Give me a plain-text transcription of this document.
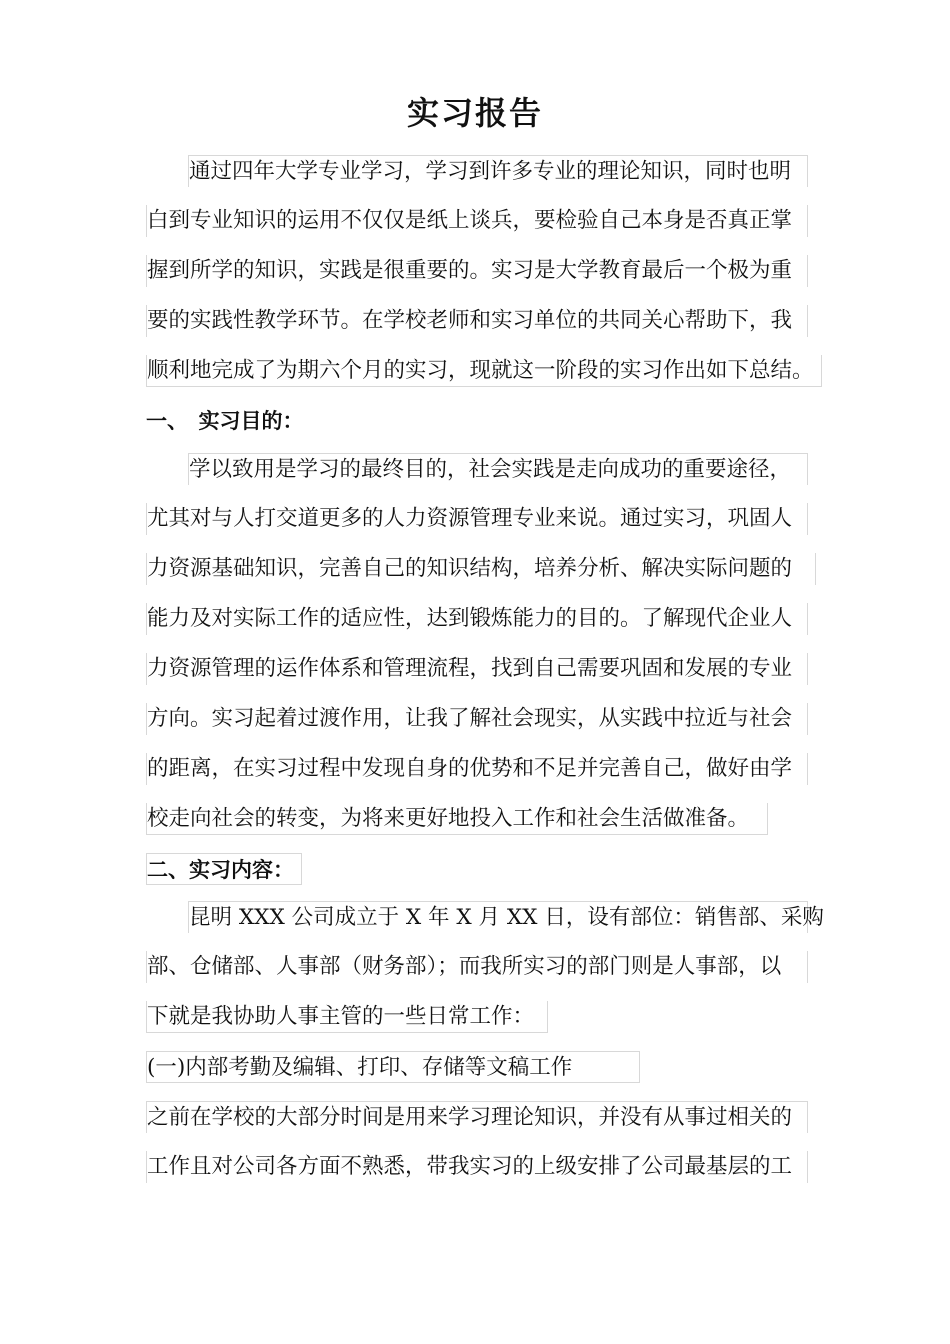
实习报告
通过四年大学专业学习，学习到许多专业的理论知识，同时也明
白到专业知识的运用不仅仅是纸上谈兵，要检验自己本身是否真正掌
握到所学的知识，实践是很重要的。实习是大学教育最后一个极为重
要的实践性教学环节。在学校老师和实习单位的共同关心帮助下，我
顺利地完成了为期六个月的实习，现就这一阶段的实习作出如下总结。
一、　实习目的：
学以致用是学习的最终目的，社会实践是走向成功的重要途径，
尤其对与人打交道更多的人力资源管理专业来说。通过实习，巩固人
力资源基础知识，完善自己的知识结构，培养分析、解决实际问题的
能力及对实际工作的适应性，达到锻炼能力的目的。了解现代企业人
力资源管理的运作体系和管理流程，找到自己需要巩固和发展的专业
方向。实习起着过渡作用，让我了解社会现实，从实践中拉近与社会
的距离，在实习过程中发现自身的优势和不足并完善自己，做好由学
校走向社会的转变，为将来更好地投入工作和社会生活做准备。
二、实习内容：
昆明 XXX 公司成立于 X 年 X 月 XX 日，设有部位：销售部、采购
部、仓储部、人事部（财务部）；而我所实习的部门则是人事部，以
下就是我协助人事主管的一些日常工作：
(一)内部考勤及编辑、打印、存储等文稿工作
之前在学校的大部分时间是用来学习理论知识，并没有从事过相关的
工作且对公司各方面不熟悉，带我实习的上级安排了公司最基层的工
